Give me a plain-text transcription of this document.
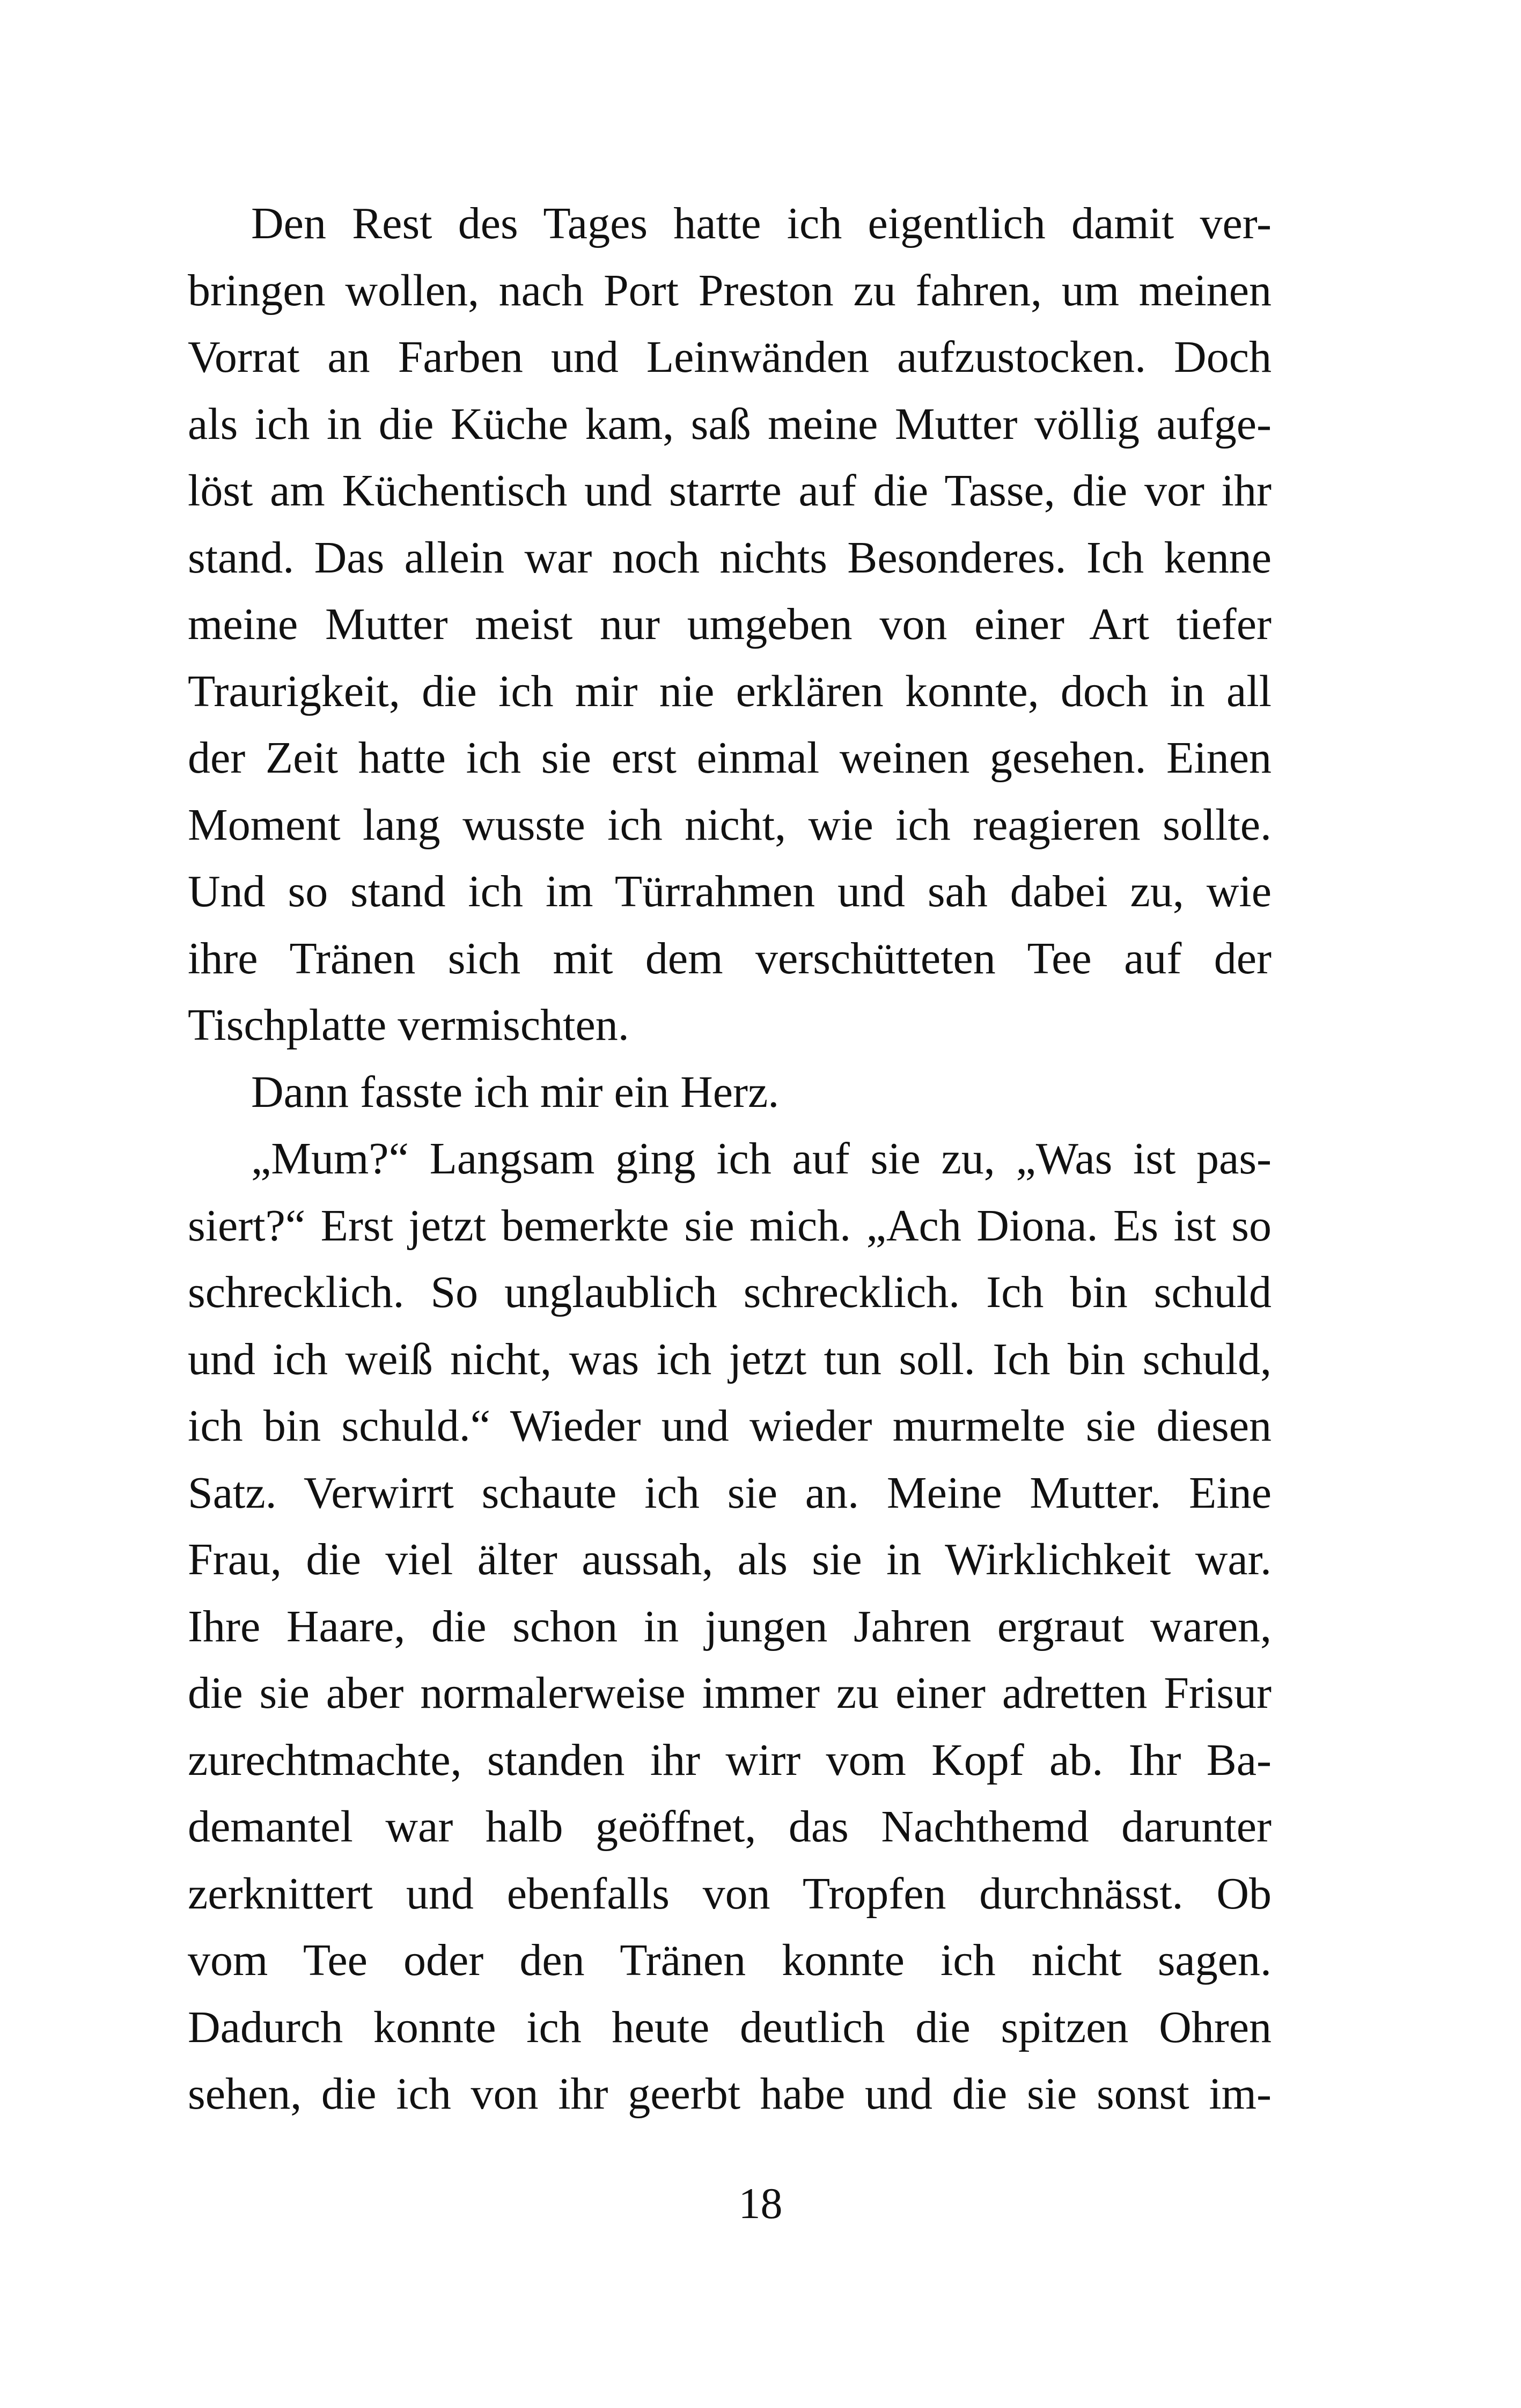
Den Rest des Tages hatte ich eigentlich damit ver-
bringen wollen, nach Port Preston zu fahren, um meinen
Vorrat an Farben und Leinwänden aufzustocken. Doch
als ich in die Küche kam, saß meine Mutter völlig aufge-
löst am Küchentisch und starrte auf die Tasse, die vor ihr
stand. Das allein war noch nichts Besonderes. Ich kenne
meine Mutter meist nur umgeben von einer Art tiefer
Traurigkeit, die ich mir nie erklären konnte, doch in all
der Zeit hatte ich sie erst einmal weinen gesehen. Einen
Moment lang wusste ich nicht, wie ich reagieren sollte.
Und so stand ich im Türrahmen und sah dabei zu, wie
ihre Tränen sich mit dem verschütteten Tee auf der
Tischplatte vermischten.
Dann fasste ich mir ein Herz.
„Mum?“ Langsam ging ich auf sie zu, „Was ist pas-
siert?“ Erst jetzt bemerkte sie mich. „Ach Diona. Es ist so
schrecklich. So unglaublich schrecklich. Ich bin schuld
und ich weiß nicht, was ich jetzt tun soll. Ich bin schuld,
ich bin schuld.“ Wieder und wieder murmelte sie diesen
Satz. Verwirrt schaute ich sie an. Meine Mutter. Eine
Frau, die viel älter aussah, als sie in Wirklichkeit war.
Ihre Haare, die schon in jungen Jahren ergraut waren,
die sie aber normalerweise immer zu einer adretten Frisur
zurechtmachte, standen ihr wirr vom Kopf ab. Ihr Ba-
demantel war halb geöffnet, das Nachthemd darunter
zerknittert und ebenfalls von Tropfen durchnässt. Ob
vom Tee oder den Tränen konnte ich nicht sagen.
Dadurch konnte ich heute deutlich die spitzen Ohren
sehen, die ich von ihr geerbt habe und die sie sonst im-
18
